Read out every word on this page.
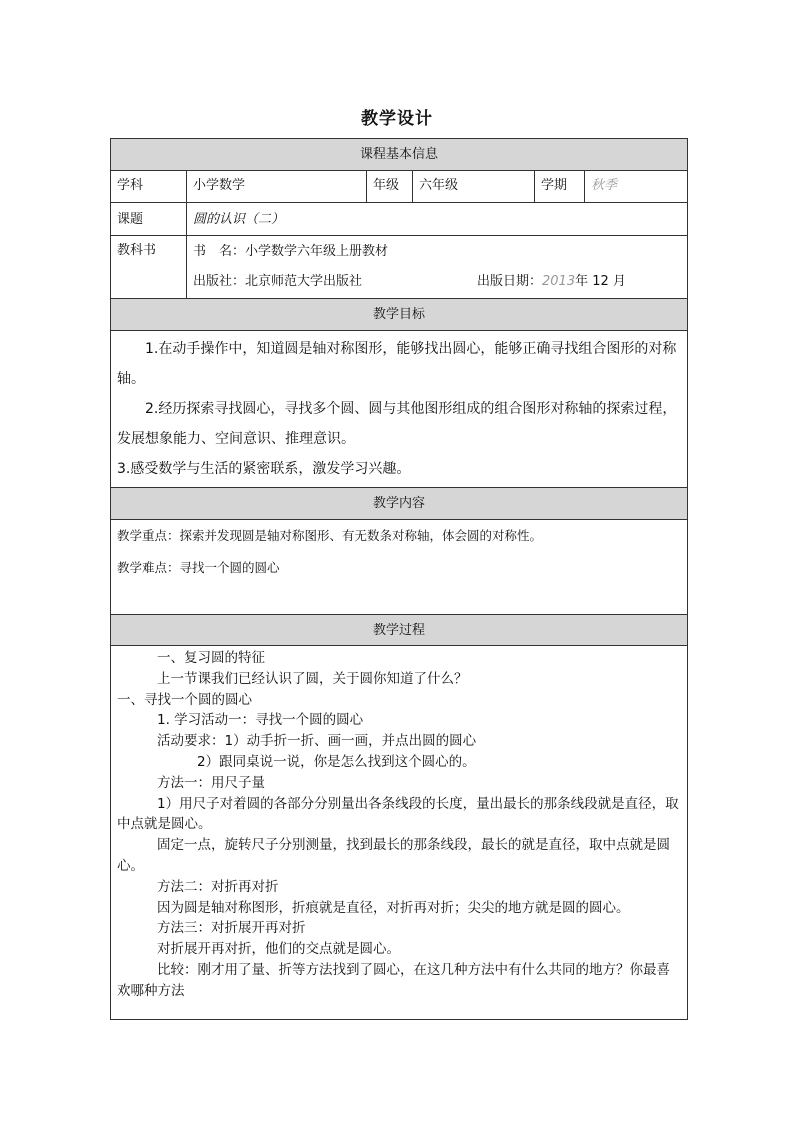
教学设计
课程基本信息
学科	小学数学	年级	六年级	学期	秋季
课题	圆的认识（二）
教科书	书　名：小学数学六年级上册教材
出版社：北京师范大学出版社	出版日期：2013年 12 月
教学目标

1.在动手操作中，知道圆是轴对称图形，能够找出圆心，能够正确寻找组合图形的对称轴。

2.经历探索寻找圆心，寻找多个圆、圆与其他图形组成的组合图形对称轴的探索过程，发展想象能力、空间意识、推理意识。

3.感受数学与生活的紧密联系，激发学习兴趣。

教学内容

教学重点：探索并发现圆是轴对称图形、有无数条对称轴，体会圆的对称性。

教学难点：寻找一个圆的圆心

教学过程

一、复习圆的特征

上一节课我们已经认识了圆，关于圆你知道了什么？

一、寻找一个圆的圆心

1. 学习活动一：寻找一个圆的圆心

活动要求：1）动手折一折、画一画，并点出圆的圆心

2）跟同桌说一说，你是怎么找到这个圆心的。

方法一：用尺子量

1）用尺子对着圆的各部分分别量出各条线段的长度，量出最长的那条线段就是直径，取中点就是圆心。

固定一点，旋转尺子分别测量，找到最长的那条线段，最长的就是直径，取中点就是圆心。

方法二：对折再对折

因为圆是轴对称图形，折痕就是直径，对折再对折；尖尖的地方就是圆的圆心。

方法三：对折展开再对折

对折展开再对折，他们的交点就是圆心。

比较：刚才用了量、折等方法找到了圆心，在这几种方法中有什么共同的地方？你最喜欢哪种方法
